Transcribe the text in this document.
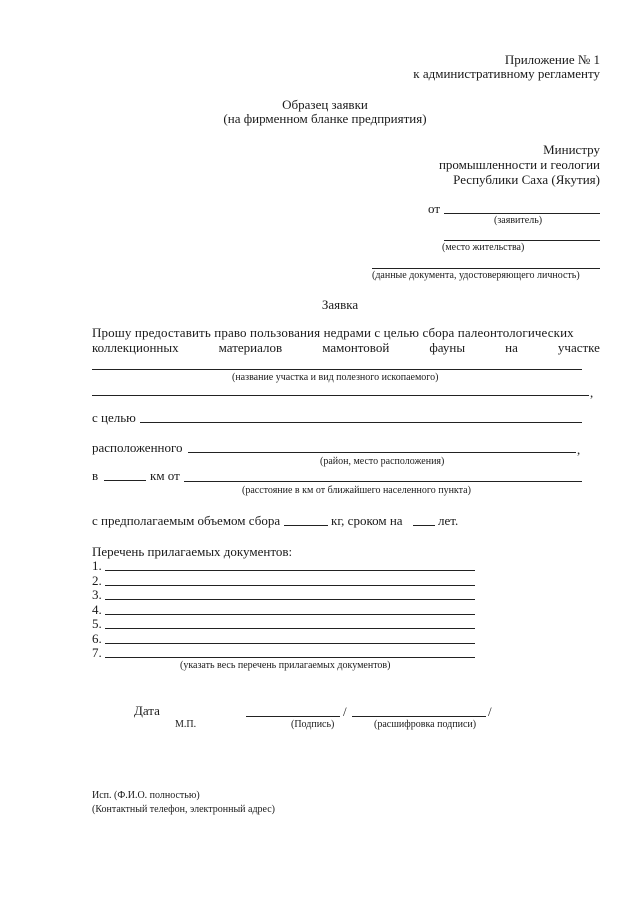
Приложение № 1
к административному регламенту
Образец заявки
(на фирменном бланке предприятия)
Министру
промышленности и геологии
Республики Саха (Якутия)
от
(заявитель)
(место жительства)
(данные документа, удостоверяющего личность)
Заявка
Прошу предоставить право пользования недрами с целью сбора палеонтологических
коллекционных	материалов	мамонтовой	фауны	на	участке
(название участка и вид полезного ископаемого)
,
с целью
расположенного	,
(район, место расположения)
в	км от
(расстояние в км от ближайшего населенного пункта)
с предполагаемым объемом сбора	кг, сроком на	лет.
Перечень прилагаемых документов:
1.
2.
3.
4.
5.
6.
7.
(указать весь перечень прилагаемых документов)
Дата
М.П.
/	/
(Подпись)	(расшифровка подписи)
Исп. (Ф.И.О. полностью)
(Контактный телефон, электронный адрес)
